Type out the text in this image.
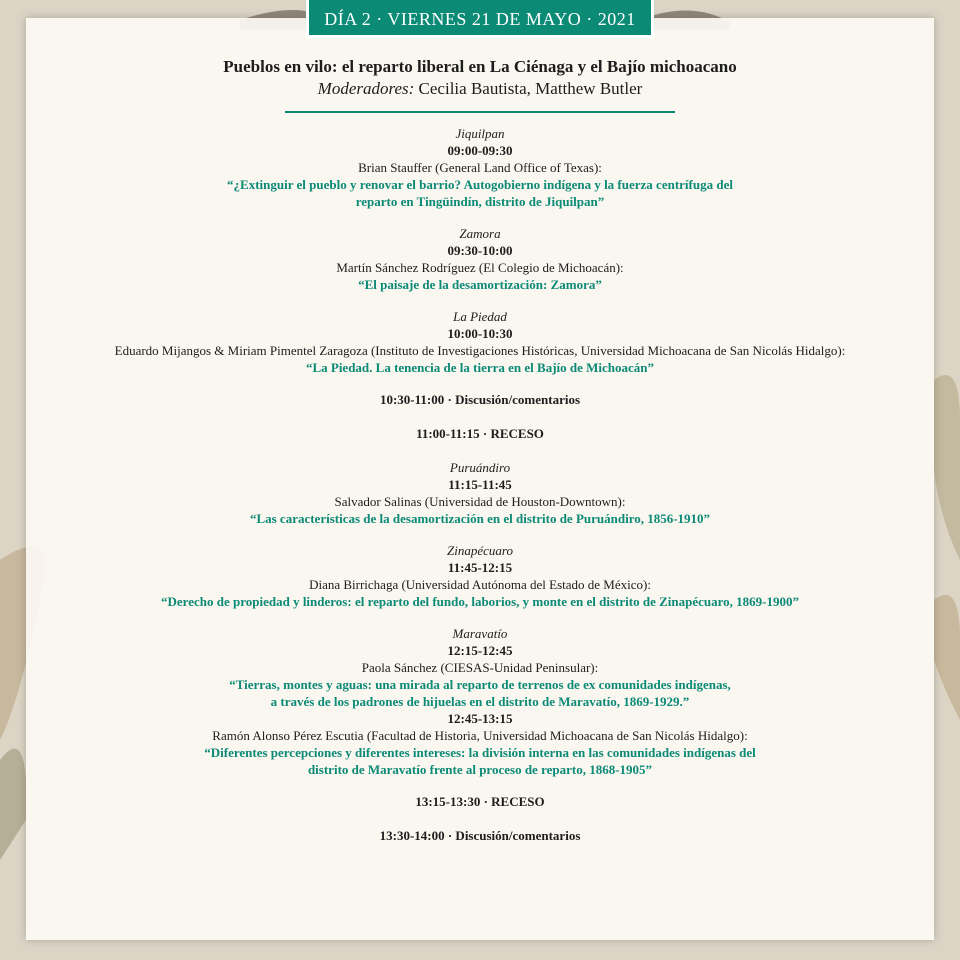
DÍA 2 · VIERNES 21 DE MAYO · 2021
Pueblos en vilo: el reparto liberal en La Ciénaga y el Bajío michoacano
Moderadores: Cecilia Bautista, Matthew Butler
Jiquilpan
09:00-09:30
Brian Stauffer (General Land Office of Texas):
“¿Extinguir el pueblo y renovar el barrio? Autogobierno indígena y la fuerza centrífuga del
reparto en Tingüindín, distrito de Jiquilpan”
Zamora
09:30-10:00
Martín Sánchez Rodríguez (El Colegio de Michoacán):
“El paisaje de la desamortización: Zamora”
La Piedad
10:00-10:30
Eduardo Mijangos & Miriam Pimentel Zaragoza (Instituto de Investigaciones Históricas, Universidad Michoacana de San Nicolás Hidalgo):
“La Piedad. La tenencia de la tierra en el Bajío de Michoacán”
10:30-11:00 · Discusión/comentarios
11:00-11:15 · RECESO
Puruándiro
11:15-11:45
Salvador Salinas (Universidad de Houston-Downtown):
“Las características de la desamortización en el distrito de Puruándiro, 1856-1910”
Zinapécuaro
11:45-12:15
Diana Birrichaga (Universidad Autónoma del Estado de México):
“Derecho de propiedad y linderos: el reparto del fundo, laborios, y monte en el distrito de Zinapécuaro, 1869-1900”
Maravatío
12:15-12:45
Paola Sánchez (CIESAS-Unidad Peninsular):
“Tierras, montes y aguas: una mirada al reparto de terrenos de ex comunidades indígenas,
a través de los padrones de hijuelas en el distrito de Maravatío, 1869-1929.”
12:45-13:15
Ramón Alonso Pérez Escutia (Facultad de Historia, Universidad Michoacana de San Nicolás Hidalgo):
“Diferentes percepciones y diferentes intereses: la división interna en las comunidades indígenas del
distrito de Maravatío frente al proceso de reparto, 1868-1905”
13:15-13:30 · RECESO
13:30-14:00 · Discusión/comentarios
